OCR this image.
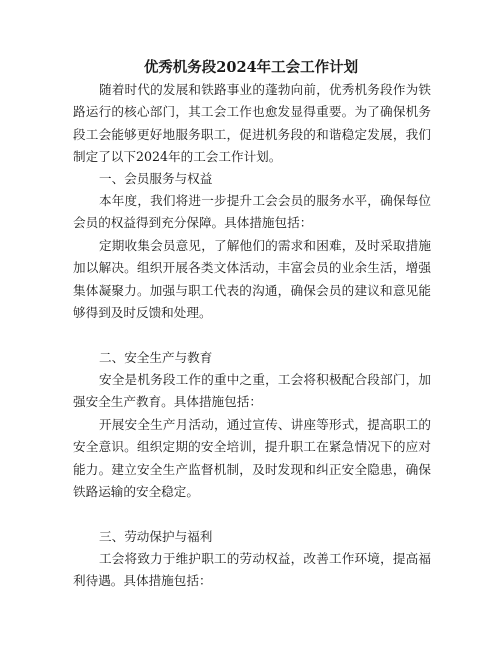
优秀机务段2024年工会工作计划

随着时代的发展和铁路事业的蓬勃向前，优秀机务段作为铁路运行的核心部门，其工会工作也愈发显得重要。为了确保机务段工会能够更好地服务职工，促进机务段的和谐稳定发展，我们制定了以下2024年的工会工作计划。

一、会员服务与权益

本年度，我们将进一步提升工会会员的服务水平，确保每位会员的权益得到充分保障。具体措施包括：

定期收集会员意见，了解他们的需求和困难，及时采取措施加以解决。组织开展各类文体活动，丰富会员的业余生活，增强集体凝聚力。加强与职工代表的沟通，确保会员的建议和意见能够得到及时反馈和处理。

二、安全生产与教育

安全是机务段工作的重中之重，工会将积极配合段部门，加强安全生产教育。具体措施包括：

开展安全生产月活动，通过宣传、讲座等形式，提高职工的安全意识。组织定期的安全培训，提升职工在紧急情况下的应对能力。建立安全生产监督机制，及时发现和纠正安全隐患，确保铁路运输的安全稳定。

三、劳动保护与福利

工会将致力于维护职工的劳动权益，改善工作环境，提高福利待遇。具体措施包括：
